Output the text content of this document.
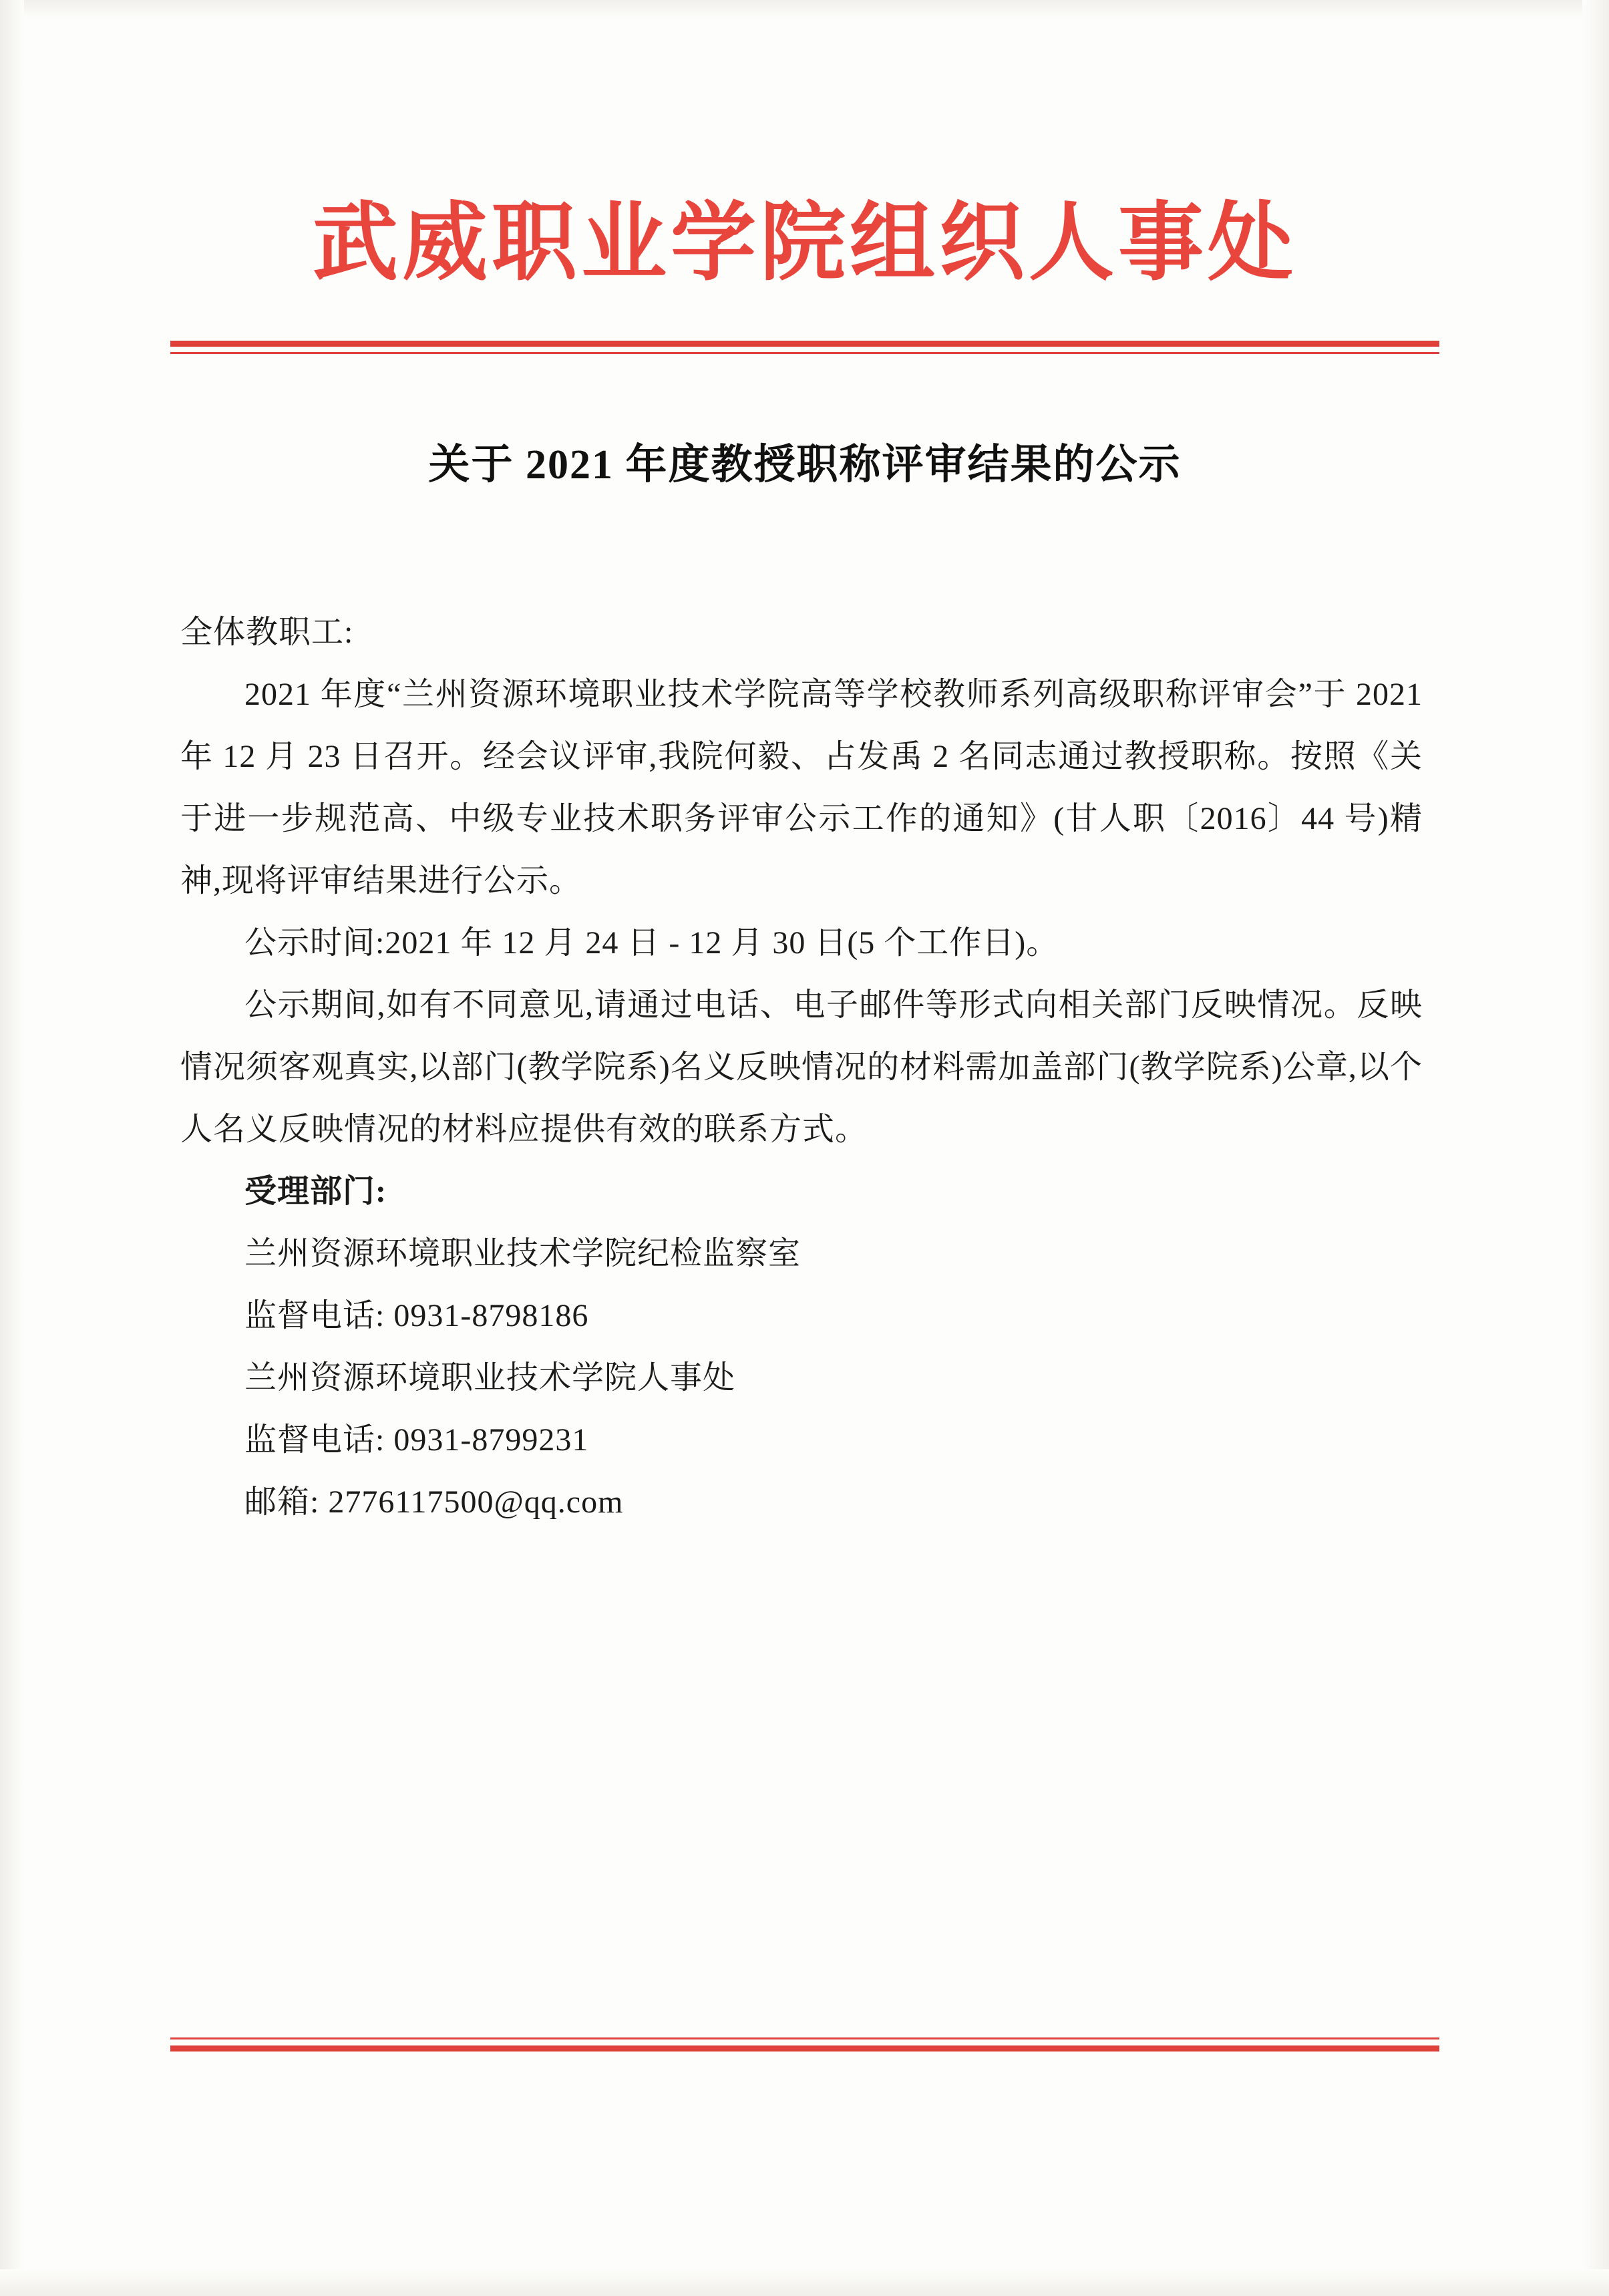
武威职业学院组织人事处
关于 2021 年度教授职称评审结果的公示

全体教职工:

2021 年度“兰州资源环境职业技术学院高等学校教师系列高级职称评审会”于 2021 年 12 月 23 日召开。经会议评审,我院何毅、占发禹 2 名同志通过教授职称。按照《关于进一步规范高、中级专业技术职务评审公示工作的通知》(甘人职〔2016〕44 号)精神,现将评审结果进行公示。

公示时间:2021 年 12 月 24 日 - 12 月 30 日(5 个工作日)。

公示期间,如有不同意见,请通过电话、电子邮件等形式向相关部门反映情况。反映情况须客观真实,以部门(教学院系)名义反映情况的材料需加盖部门(教学院系)公章,以个人名义反映情况的材料应提供有效的联系方式。

受理部门:

兰州资源环境职业技术学院纪检监察室

监督电话: 0931-8798186

兰州资源环境职业技术学院人事处

监督电话: 0931-8799231

邮箱: 2776117500@qq.com
